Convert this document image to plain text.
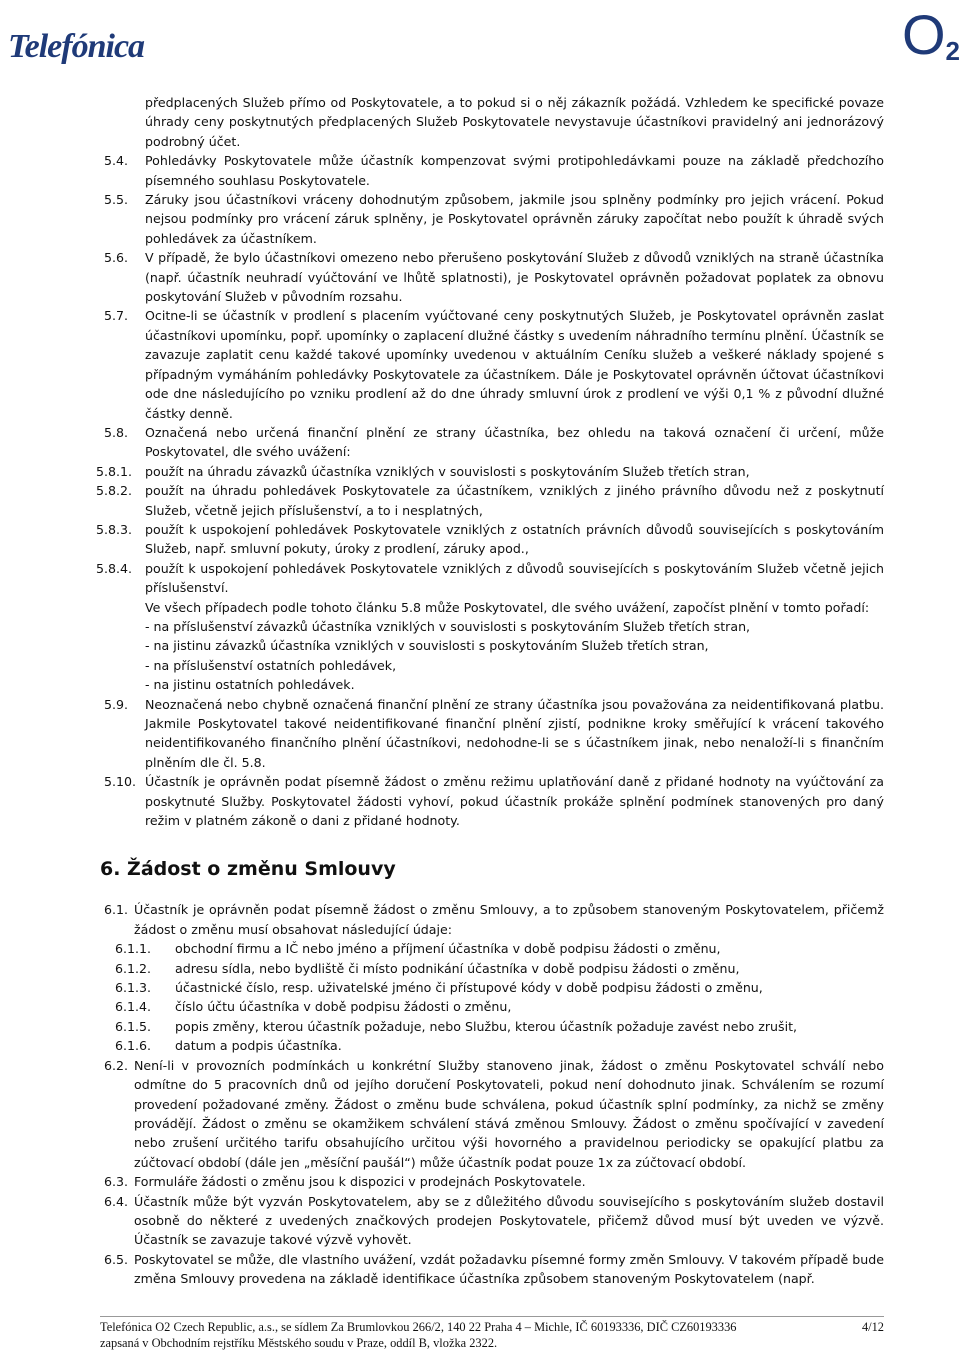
Telefónica	$O_2$
předplacených Služeb přímo od Poskytovatele, a to pokud si o něj zákazník požádá. Vzhledem ke specifické povaze úhrady ceny poskytnutých předplacených Služeb Poskytovatele nevystavuje účastníkovi pravidelný ani jednorázový podrobný účet.
5.4. Pohledávky Poskytovatele může účastník kompenzovat svými protipohledávkami pouze na základě předchozího písemného souhlasu Poskytovatele.
5.5. Záruky jsou účastníkovi vráceny dohodnutým způsobem, jakmile jsou splněny podmínky pro jejich vrácení. Pokud nejsou podmínky pro vrácení záruk splněny, je Poskytovatel oprávněn záruky započítat nebo použít k úhradě svých pohledávek za účastníkem.
5.6. V případě, že bylo účastníkovi omezeno nebo přerušeno poskytování Služeb z důvodů vzniklých na straně účastníka (např. účastník neuhradí vyúčtování ve lhůtě splatnosti), je Poskytovatel oprávněn požadovat poplatek za obnovu poskytování Služeb v původním rozsahu.
5.7. Ocitne-li se účastník v prodlení s placením vyúčtované ceny poskytnutých Služeb, je Poskytovatel oprávněn zaslat účastníkovi upomínku, popř. upomínky o zaplacení dlužné částky s uvedením náhradního termínu plnění. Účastník se zavazuje zaplatit cenu každé takové upomínky uvedenou v aktuálním Ceníku služeb a veškeré náklady spojené s případným vymáháním pohledávky Poskytovatele za účastníkem. Dále je Poskytovatel oprávněn účtovat účastníkovi ode dne následujícího po vzniku prodlení až do dne úhrady smluvní úrok z prodlení ve výši 0,1 % z původní dlužné částky denně.
5.8. Označená nebo určená finanční plnění ze strany účastníka, bez ohledu na taková označení či určení, může Poskytovatel, dle svého uvážení:
5.8.1. použít na úhradu závazků účastníka vzniklých v souvislosti s poskytováním Služeb třetích stran,
5.8.2. použít na úhradu pohledávek Poskytovatele za účastníkem, vzniklých z jiného právního důvodu než z poskytnutí Služeb, včetně jejich příslušenství, a to i nesplatných,
5.8.3. použít k uspokojení pohledávek Poskytovatele vzniklých z ostatních právních důvodů souvisejících s poskytováním Služeb, např. smluvní pokuty, úroky z prodlení, záruky apod.,
5.8.4. použít k uspokojení pohledávek Poskytovatele vzniklých z důvodů souvisejících s poskytováním Služeb včetně jejich příslušenství.
Ve všech případech podle tohoto článku 5.8 může Poskytovatel, dle svého uvážení, započíst plnění v tomto pořadí:
- na příslušenství závazků účastníka vzniklých v souvislosti s poskytováním Služeb třetích stran,
- na jistinu závazků účastníka vzniklých v souvislosti s poskytováním Služeb třetích stran,
- na příslušenství ostatních pohledávek,
- na jistinu ostatních pohledávek.
5.9. Neoznačená nebo chybně označená finanční plnění ze strany účastníka jsou považována za neidentifikovaná platbu. Jakmile Poskytovatel takové neidentifikované finanční plnění zjistí, podnikne kroky směřující k vrácení takového neidentifikovaného finančního plnění účastníkovi, nedohodne-li se s účastníkem jinak, nebo nenaloží-li s finančním plněním dle čl. 5.8.
5.10. Účastník je oprávněn podat písemně žádost o změnu režimu uplatňování daně z přidané hodnoty na vyúčtování za poskytnuté Služby. Poskytovatel žádosti vyhoví, pokud účastník prokáže splnění podmínek stanovených pro daný režim v platném zákoně o dani z přidané hodnoty.
6. Žádost o změnu Smlouvy
6.1. Účastník je oprávněn podat písemně žádost o změnu Smlouvy, a to způsobem stanoveným Poskytovatelem, přičemž žádost o změnu musí obsahovat následující údaje:
6.1.1. obchodní firmu a IČ nebo jméno a příjmení účastníka v době podpisu žádosti o změnu,
6.1.2. adresu sídla, nebo bydliště či místo podnikání účastníka v době podpisu žádosti o změnu,
6.1.3. účastnické číslo, resp. uživatelské jméno či přístupové kódy v době podpisu žádosti o změnu,
6.1.4. číslo účtu účastníka v době podpisu žádosti o změnu,
6.1.5. popis změny, kterou účastník požaduje, nebo Službu, kterou účastník požaduje zavést nebo zrušit,
6.1.6. datum a podpis účastníka.
6.2. Není-li v provozních podmínkách u konkrétní Služby stanoveno jinak, žádost o změnu Poskytovatel schválí nebo odmítne do 5 pracovních dnů od jejího doručení Poskytovateli, pokud není dohodnuto jinak. Schválením se rozumí provedení požadované změny. Žádost o změnu bude schválena, pokud účastník splní podmínky, za nichž se změny provádějí. Žádost o změnu se okamžikem schválení stává změnou Smlouvy. Žádost o změnu spočívající v zavedení nebo zrušení určitého tarifu obsahujícího určitou výši hovorného a pravidelnou periodicky se opakující platbu za zúčtovací období (dále jen „měsíční paušál“) může účastník podat pouze 1x za zúčtovací období.
6.3. Formuláře žádosti o změnu jsou k dispozici v prodejnách Poskytovatele.
6.4. Účastník může být vyzván Poskytovatelem, aby se z důležitého důvodu souvisejícího s poskytováním služeb dostavil osobně do některé z uvedených značkových prodejen Poskytovatele, přičemž důvod musí být uveden ve výzvě. Účastník se zavazuje takové výzvě vyhovět.
6.5. Poskytovatel se může, dle vlastního uvážení, vzdát požadavku písemné formy změn Smlouvy. V takovém případě bude změna Smlouvy provedena na základě identifikace účastníka způsobem stanoveným Poskytovatelem (např.
Telefónica O2 Czech Republic, a.s., se sídlem Za Brumlovkou 266/2, 140 22 Praha 4 – Michle, IČ 60193336, DIČ CZ60193336
zapsaná v Obchodním rejstříku Městského soudu v Praze, oddíl B, vložka 2322.
4/12
